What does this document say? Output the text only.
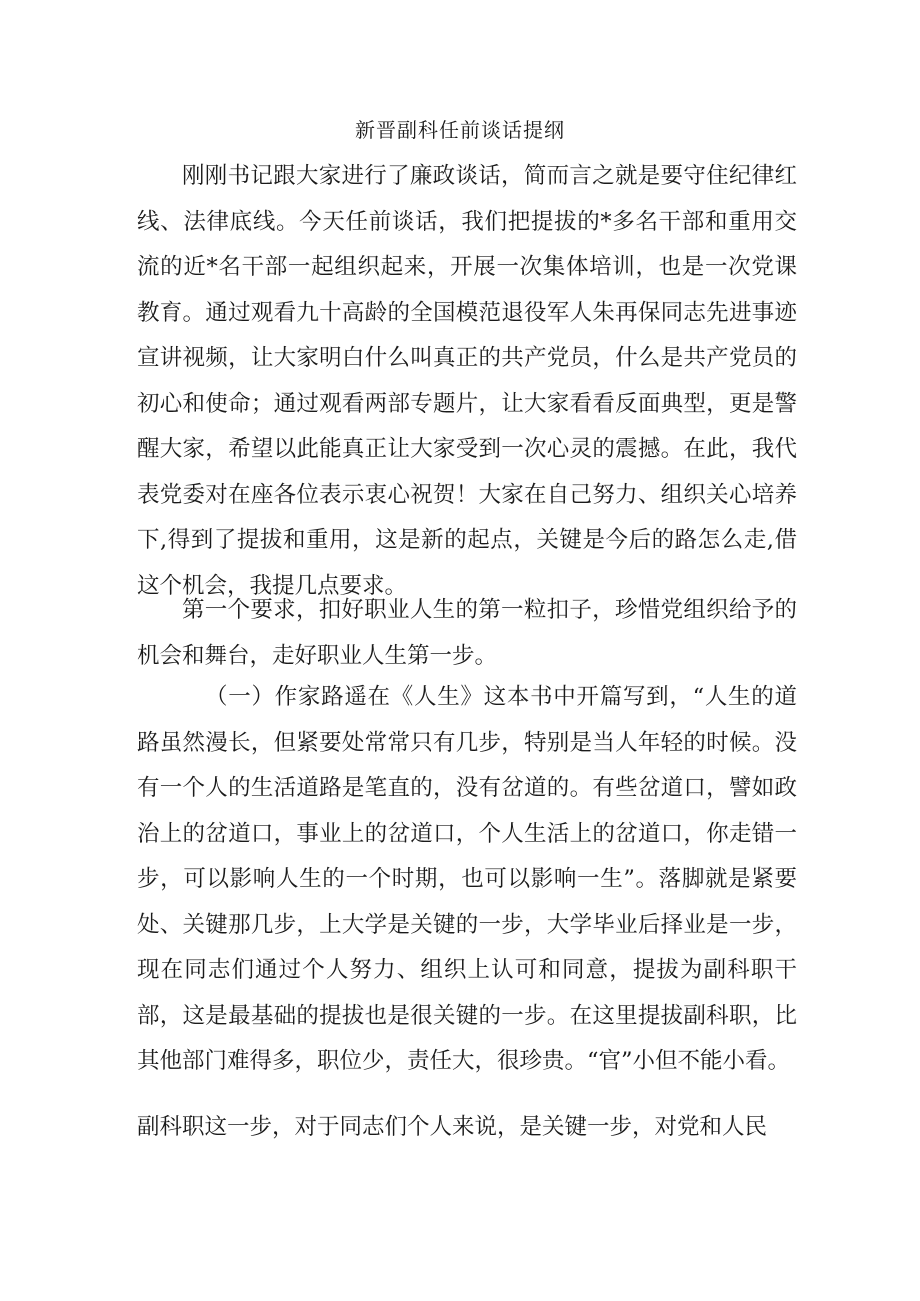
新晋副科任前谈话提纲

刚刚书记跟大家进行了廉政谈话，简而言之就是要守住纪律红线、法律底线。今天任前谈话，我们把提拔的*多名干部和重用交流的近*名干部一起组织起来，开展一次集体培训，也是一次党课教育。通过观看九十高龄的全国模范退役军人朱再保同志先进事迹宣讲视频，让大家明白什么叫真正的共产党员，什么是共产党员的初心和使命；通过观看两部专题片，让大家看看反面典型，更是警醒大家，希望以此能真正让大家受到一次心灵的震撼。在此，我代表党委对在座各位表示衷心祝贺！大家在自己努力、组织关心培养下,得到了提拔和重用，这是新的起点，关键是今后的路怎么走,借这个机会，我提几点要求。

第一个要求，扣好职业人生的第一粒扣子，珍惜党组织给予的机会和舞台，走好职业人生第一步。

（一）作家路遥在《人生》这本书中开篇写到，“人生的道路虽然漫长，但紧要处常常只有几步，特别是当人年轻的时候。没有一个人的生活道路是笔直的，没有岔道的。有些岔道口，譬如政治上的岔道口，事业上的岔道口，个人生活上的岔道口，你走错一步，可以影响人生的一个时期，也可以影响一生”。落脚就是紧要处、关键那几步，上大学是关键的一步，大学毕业后择业是一步，现在同志们通过个人努力、组织上认可和同意，提拔为副科职干部，这是最基础的提拔也是很关键的一步。在这里提拔副科职，比其他部门难得多，职位少，责任大，很珍贵。“官”小但不能小看。

副科职这一步，对于同志们个人来说，是关键一步，对党和人民
